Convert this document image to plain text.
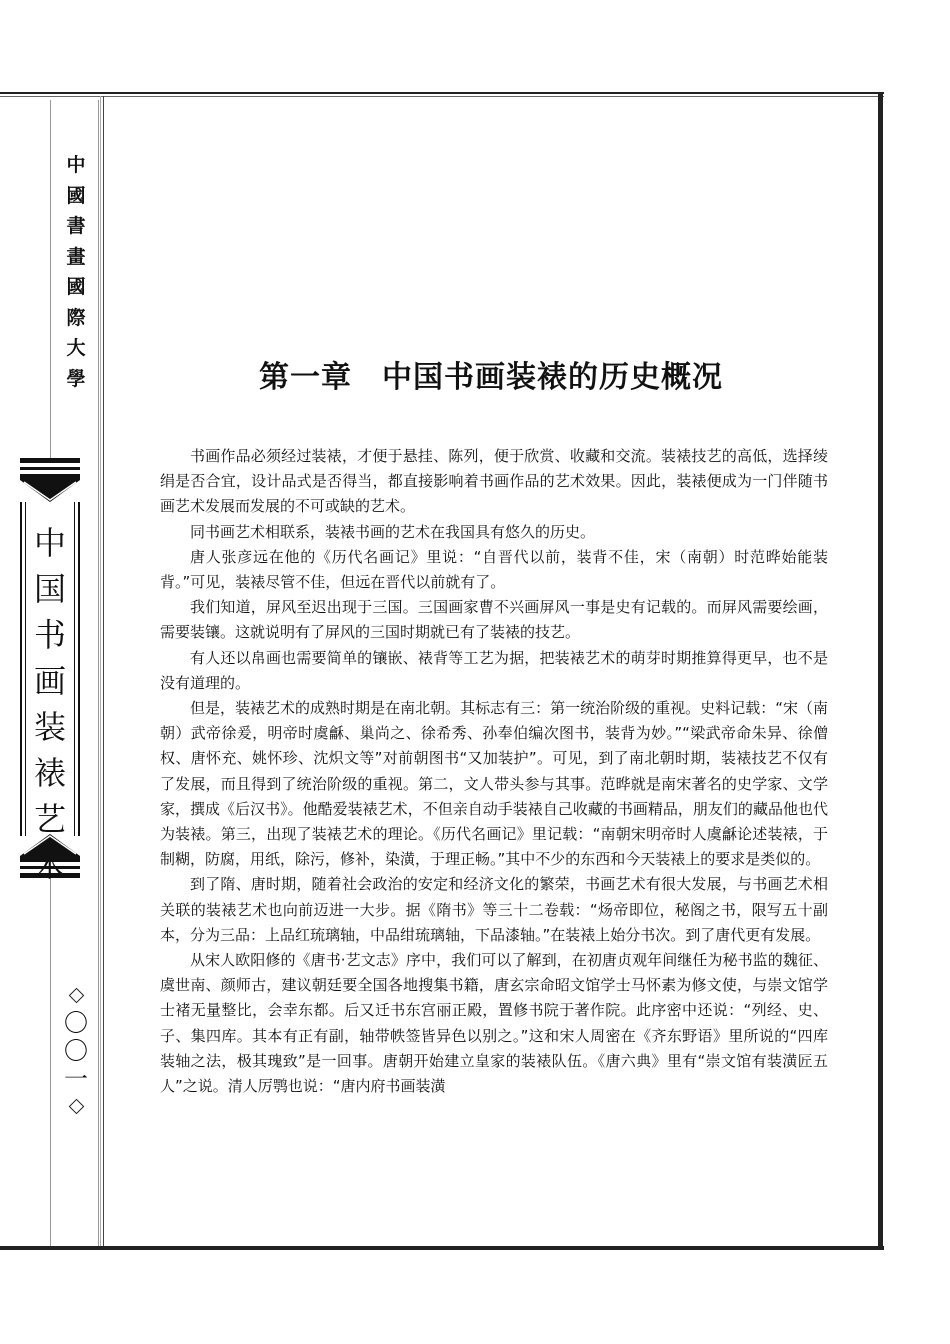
中
國
書
畫
國
際
大
學
中
国
书
画
装
裱
艺
术
〇
〇
一
第一章 中国书画装裱的历史概况

书画作品必须经过装裱，才便于悬挂、陈列，便于欣赏、收藏和交流。装裱技艺的高低，选择绫绢是否合宜，设计品式是否得当，都直接影响着书画作品的艺术效果。因此，装裱便成为一门伴随书画艺术发展而发展的不可或缺的艺术。

同书画艺术相联系，装裱书画的艺术在我国具有悠久的历史。

唐人张彦远在他的《历代名画记》里说：“自晋代以前，装背不佳，宋（南朝）时范晔始能装背。”可见，装裱尽管不佳，但远在晋代以前就有了。

我们知道，屏风至迟出现于三国。三国画家曹不兴画屏风一事是史有记载的。而屏风需要绘画，需要装镶。这就说明有了屏风的三国时期就已有了装裱的技艺。

有人还以帛画也需要简单的镶嵌、裱背等工艺为据，把装裱艺术的萌芽时期推算得更早，也不是没有道理的。

但是，装裱艺术的成熟时期是在南北朝。其标志有三：第一统治阶级的重视。史料记载：“宋（南朝）武帝徐爰，明帝时虞龢、巢尚之、徐希秀、孙奉伯编次图书，装背为妙。”“梁武帝命朱异、徐僧权、唐怀充、姚怀珍、沈炽文等”对前朝图书“又加装护”。可见，到了南北朝时期，装裱技艺不仅有了发展，而且得到了统治阶级的重视。第二，文人带头参与其事。范晔就是南宋著名的史学家、文学家，撰成《后汉书》。他酷爱装裱艺术，不但亲自动手装裱自己收藏的书画精品，朋友们的藏品他也代为装裱。第三，出现了装裱艺术的理论。《历代名画记》里记载：“南朝宋明帝时人虞龢论述装裱，于制糊，防腐，用纸，除污，修补，染潢，于理正畅。”其中不少的东西和今天装裱上的要求是类似的。

到了隋、唐时期，随着社会政治的安定和经济文化的繁荣，书画艺术有很大发展，与书画艺术相关联的装裱艺术也向前迈进一大步。据《隋书》等三十二卷载：“炀帝即位，秘阁之书，限写五十副本，分为三品：上品红琉璃轴，中品绀琉璃轴，下品漆轴。”在装裱上始分书次。到了唐代更有发展。

从宋人欧阳修的《唐书·艺文志》序中，我们可以了解到，在初唐贞观年间继任为秘书监的魏征、虞世南、颜师古，建议朝廷要全国各地搜集书籍，唐玄宗命昭文馆学士马怀素为修文使，与崇文馆学士褚无量整比，会幸东都。后又迁书东宫丽正殿，置修书院于著作院。此序密中还说：“列经、史、子、集四库。其本有正有副，轴带帙签皆异色以别之。”这和宋人周密在《齐东野语》里所说的“四库装轴之法，极其瑰致”是一回事。唐朝开始建立皇家的装裱队伍。《唐六典》里有“崇文馆有装潢匠五人”之说。清人厉鹗也说：“唐内府书画装潢
